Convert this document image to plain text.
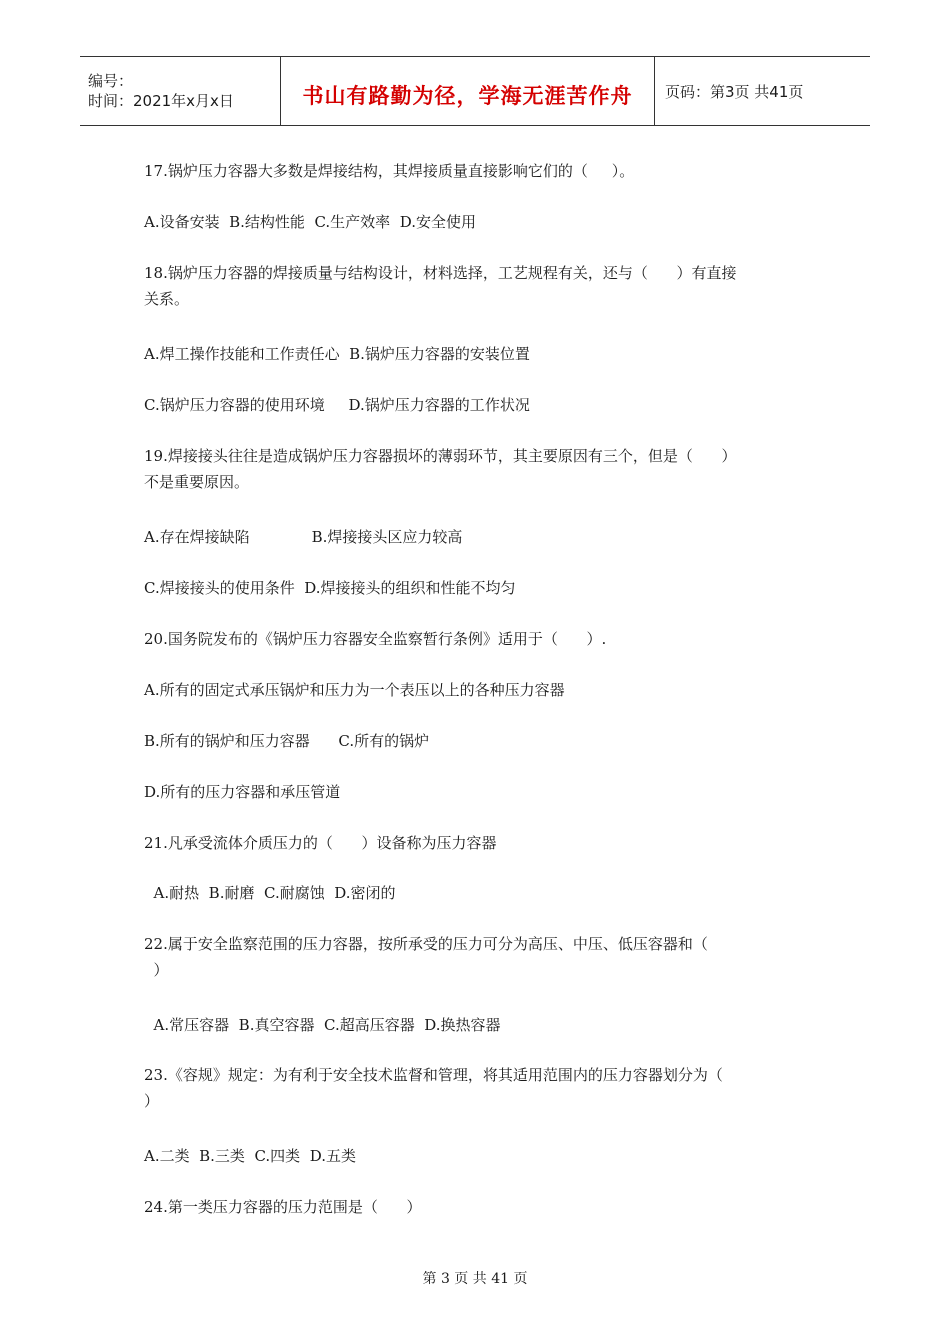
编号：
时间：2021年x月x日	书山有路勤为径，学海无涯苦作舟 页码：第3页 共41页
17.锅炉压力容器大多数是焊接结构，其焊接质量直接影响它们的（     ）。
A.设备安装  B.结构性能  C.生产效率  D.安全使用
18.锅炉压力容器的焊接质量与结构设计，材料选择，工艺规程有关，还与（      ）有直接
关系。
A.焊工操作技能和工作责任心  B.锅炉压力容器的安装位置
C.锅炉压力容器的使用环境     D.锅炉压力容器的工作状况
19.焊接接头往往是造成锅炉压力容器损坏的薄弱环节，其主要原因有三个，但是（      ）
不是重要原因。
A.存在焊接缺陷             B.焊接接头区应力较高
C.焊接接头的使用条件  D.焊接接头的组织和性能不均匀
20.国务院发布的《锅炉压力容器安全监察暂行条例》适用于（      ）.
A.所有的固定式承压锅炉和压力为一个表压以上的各种压力容器
B.所有的锅炉和压力容器      C.所有的锅炉
D.所有的压力容器和承压管道
21.凡承受流体介质压力的（      ）设备称为压力容器
A.耐热  B.耐磨  C.耐腐蚀  D.密闭的
22.属于安全监察范围的压力容器，按所承受的压力可分为高压、中压、低压容器和（
）
A.常压容器  B.真空容器  C.超高压容器  D.换热容器
23.《容规》规定：为有利于安全技术监督和管理，将其适用范围内的压力容器划分为（
）
A.二类  B.三类  C.四类  D.五类
24.第一类压力容器的压力范围是（      ）
第 3 页 共 41 页
